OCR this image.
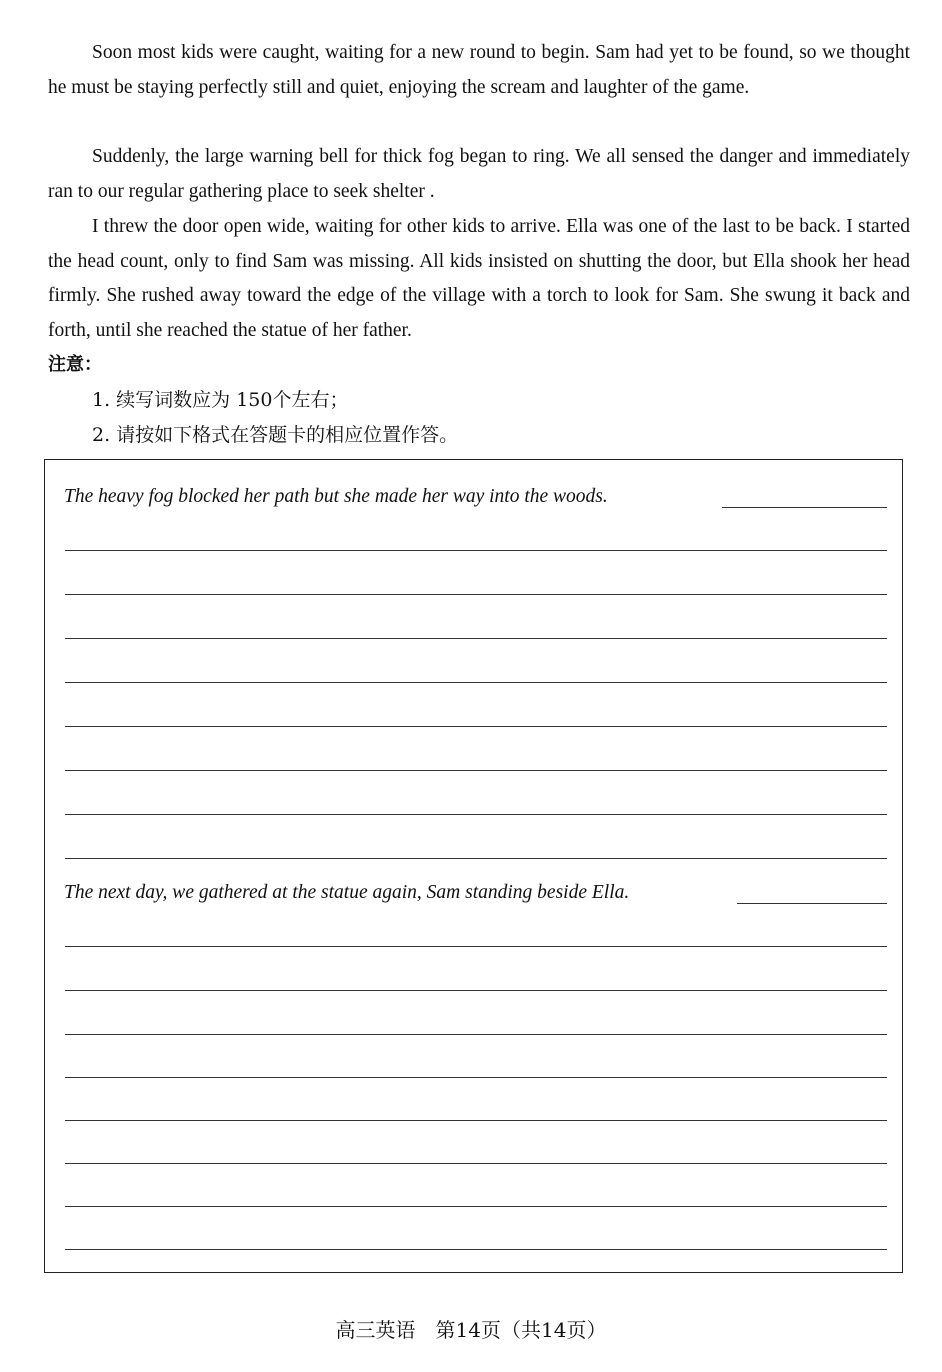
Soon most kids were caught, waiting for a new round to begin. Sam had yet to be found, so we thought he must be staying perfectly still and quiet, enjoying the scream and laughter of the game.

Suddenly, the large warning bell for thick fog began to ring. We all sensed the danger and immediately ran to our regular gathering place to seek shelter .

I threw the door open wide, waiting for other kids to arrive. Ella was one of the last to be back. I started the head count, only to find Sam was missing. All kids insisted on shutting the door, but Ella shook her head firmly. She rushed away toward the edge of the village with a torch to look for Sam. She swung it back and forth, until she reached the statue of her father.

注意：
1. 续写词数应为 150个左右；
2. 请按如下格式在答题卡的相应位置作答。
The heavy fog blocked her path but she made her way into the woods.
The next day, we gathered at the statue again, Sam standing beside Ella.
高三英语　第14页（共14页）
